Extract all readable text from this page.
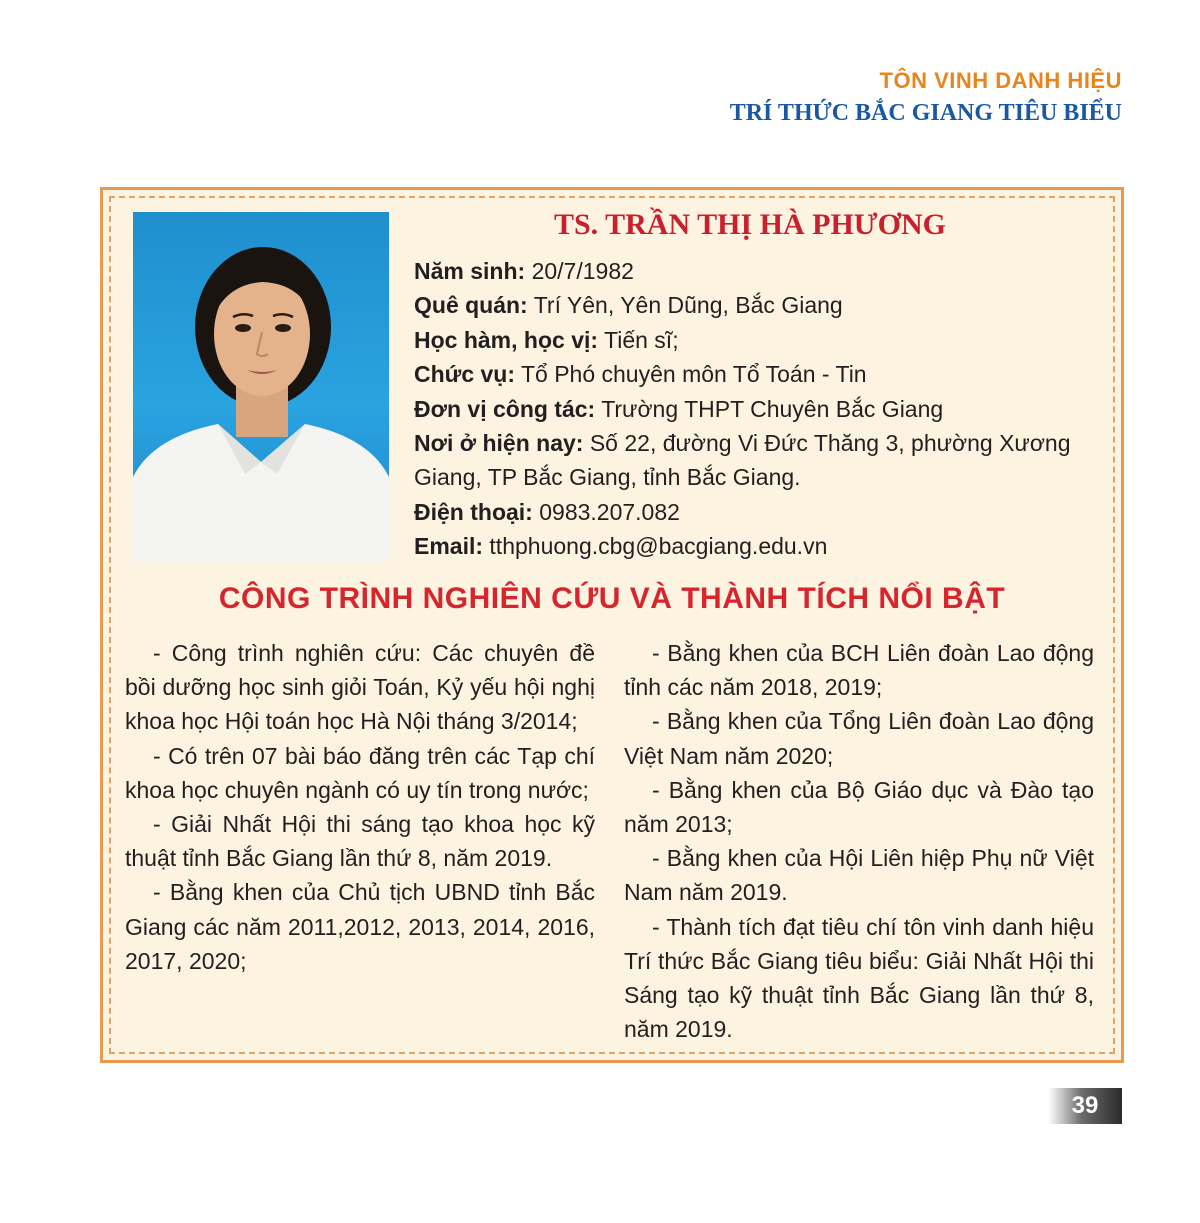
TÔN VINH DANH HIỆU
TRÍ THỨC BẮC GIANG TIÊU BIỂU
TS. TRẦN THỊ HÀ PHƯƠNG
Năm sinh: 20/7/1982
Quê quán: Trí Yên, Yên Dũng, Bắc Giang
Học hàm, học vị: Tiến sĩ;
Chức vụ: Tổ Phó chuyên môn Tổ Toán - Tin
Đơn vị công tác: Trường THPT Chuyên Bắc Giang
Nơi ở hiện nay: Số 22, đường Vi Đức Thăng 3, phường Xương Giang, TP Bắc Giang, tỉnh Bắc Giang.
Điện thoại: 0983.207.082
Email: tthphuong.cbg@bacgiang.edu.vn
CÔNG TRÌNH NGHIÊN CỨU VÀ THÀNH TÍCH NỔI BẬT

- Công trình nghiên cứu: Các chuyên đề bồi dưỡng học sinh giỏi Toán, Kỷ yếu hội nghị khoa học Hội toán học Hà Nội tháng 3/2014;

- Có trên 07 bài báo đăng trên các Tạp chí khoa học chuyên ngành có uy tín trong nước;

- Giải Nhất Hội thi sáng tạo khoa học kỹ thuật tỉnh Bắc Giang lần thứ 8, năm 2019.

- Bằng khen của Chủ tịch UBND tỉnh Bắc Giang các năm 2011,2012, 2013, 2014, 2016, 2017, 2020;

- Bằng khen của BCH Liên đoàn Lao động tỉnh các năm 2018, 2019;

- Bằng khen của Tổng Liên đoàn Lao động Việt Nam năm 2020;

- Bằng khen của Bộ Giáo dục và Đào tạo năm 2013;

- Bằng khen của Hội Liên hiệp Phụ nữ Việt Nam năm 2019.

- Thành tích đạt tiêu chí tôn vinh danh hiệu Trí thức Bắc Giang tiêu biểu: Giải Nhất Hội thi Sáng tạo kỹ thuật tỉnh Bắc Giang lần thứ 8, năm 2019.

39
